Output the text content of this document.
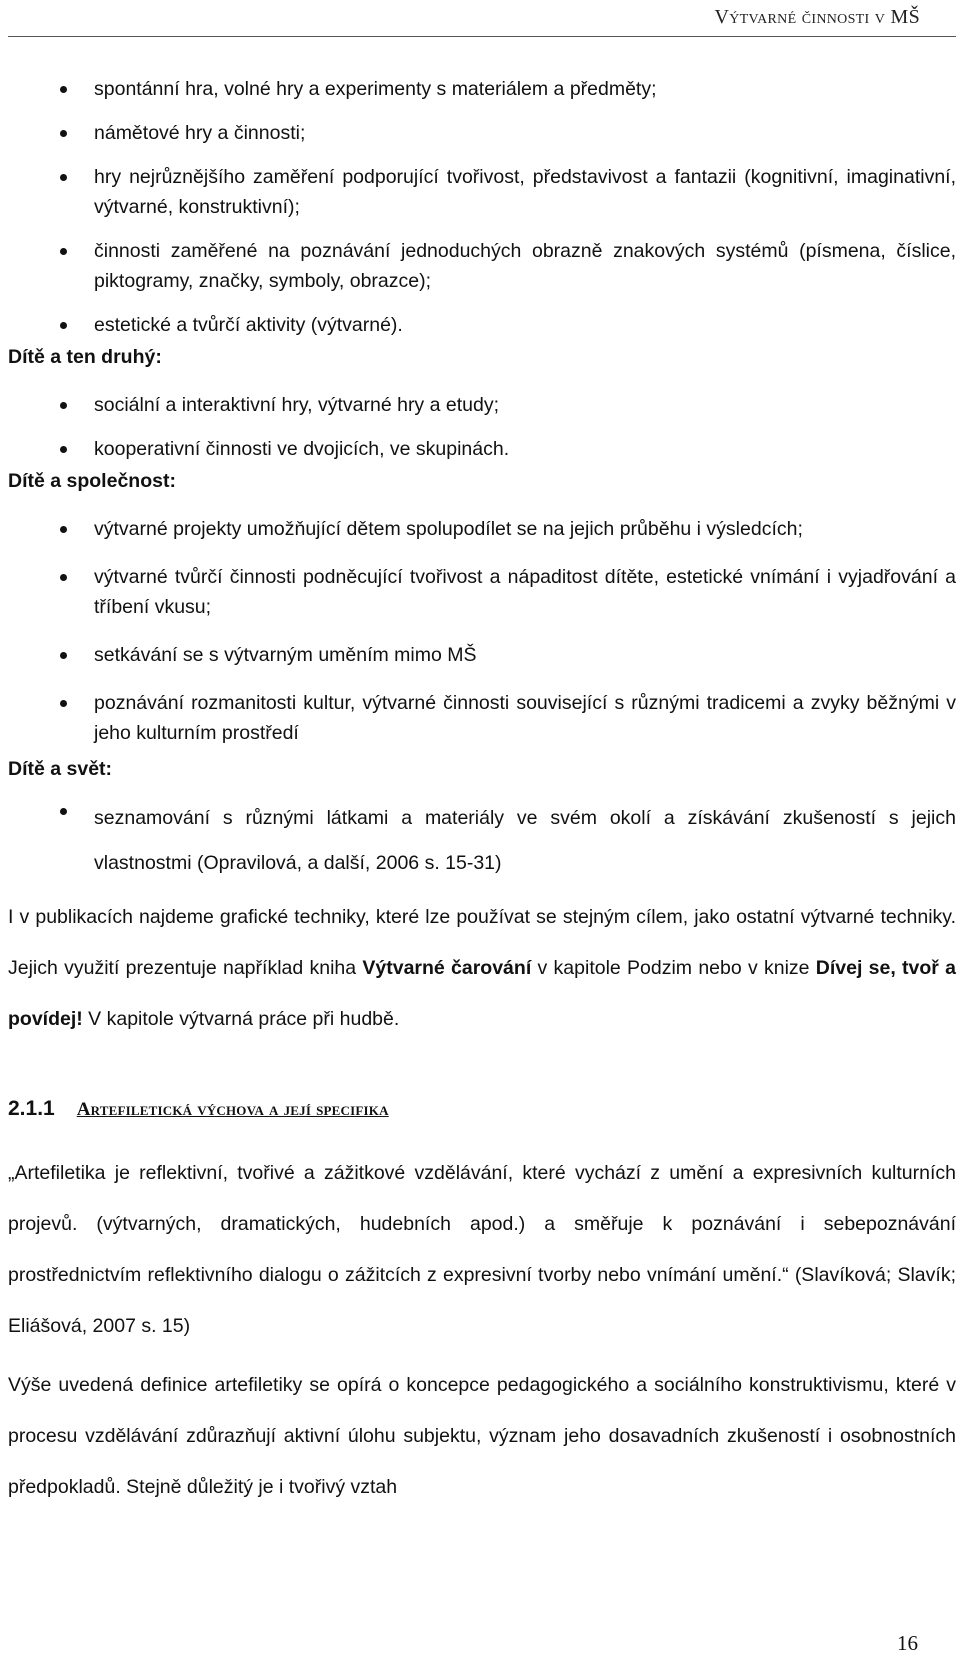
Výtvarné činnosti v MŠ
spontánní hra, volné hry a experimenty s materiálem a předměty;
námětové hry a činnosti;
hry nejrůznějšího zaměření podporující tvořivost, představivost a fantazii (kognitivní, imaginativní, výtvarné, konstruktivní);
činnosti zaměřené na poznávání jednoduchých obrazně znakových systémů (písmena, číslice, piktogramy, značky, symboly, obrazce);
estetické a tvůrčí aktivity (výtvarné).
Dítě a ten druhý:
sociální a interaktivní hry, výtvarné hry a etudy;
kooperativní činnosti ve dvojicích, ve skupinách.
Dítě a společnost:
výtvarné projekty umožňující dětem spolupodílet se na jejich průběhu i výsledcích;
výtvarné tvůrčí činnosti podněcující tvořivost a nápaditost dítěte, estetické vnímání i vyjadřování a tříbení vkusu;
setkávání se s výtvarným uměním mimo MŠ
poznávání rozmanitosti kultur, výtvarné činnosti související s různými tradicemi a zvyky běžnými v jeho kulturním prostředí
Dítě a svět:
seznamování s různými látkami a materiály ve svém okolí a získávání zkušeností s jejich vlastnostmi (Opravilová, a další, 2006 s. 15-31)

I v publikacích najdeme grafické techniky, které lze používat se stejným cílem, jako ostatní výtvarné techniky. Jejich využití prezentuje například kniha Výtvarné čarování v kapitole Podzim nebo v knize Dívej se, tvoř a povídej! V kapitole výtvarná práce při hudbě.

2.1.1 Artefiletická výchova a její specifika

„Artefiletika je reflektivní, tvořivé a zážitkové vzdělávání, které vychází z umění a expresivních kulturních projevů. (výtvarných, dramatických, hudebních apod.) a směřuje k poznávání i sebepoznávání prostřednictvím reflektivního dialogu o zážitcích z expresivní tvorby nebo vnímání umění.“ (Slavíková; Slavík; Eliášová, 2007 s. 15)

Výše uvedená definice artefiletiky se opírá o koncepce pedagogického a sociálního konstruktivismu, které v procesu vzdělávání zdůrazňují aktivní úlohu subjektu, význam jeho dosavadních zkušeností i osobnostních předpokladů. Stejně důležitý je i tvořivý vztah

16
